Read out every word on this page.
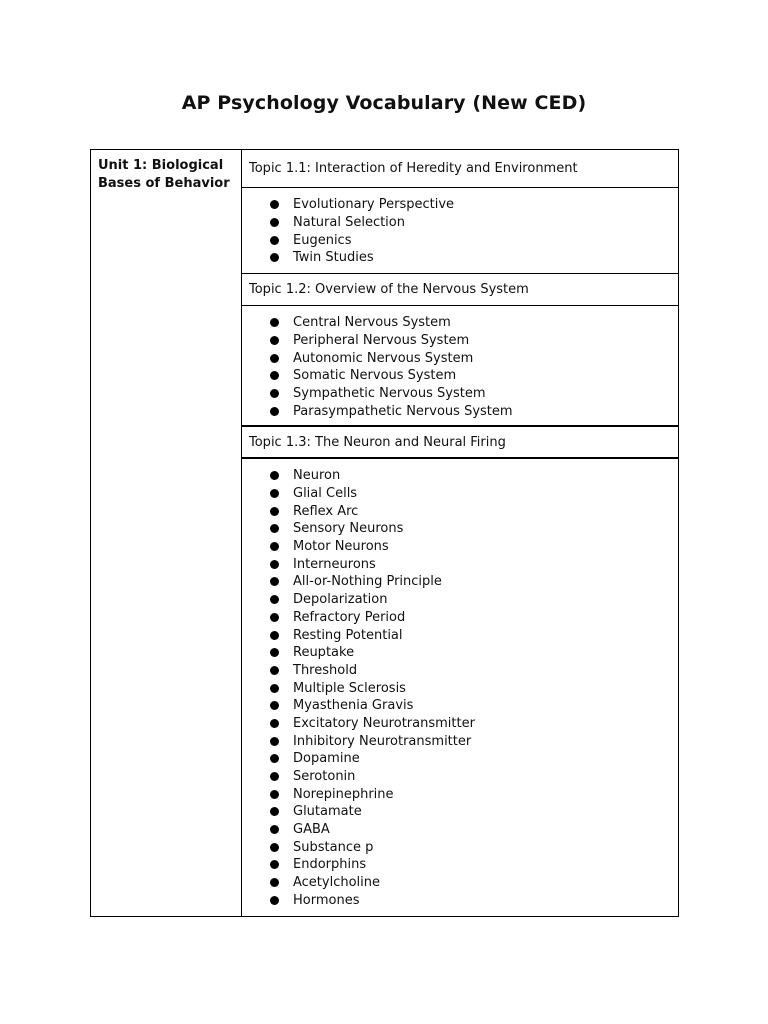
AP Psychology Vocabulary (New CED)
Unit 1: Biological
Bases of Behavior
Topic 1.1: Interaction of Heredity and Environment
Evolutionary Perspective
Natural Selection
Eugenics
Twin Studies
Topic 1.2: Overview of the Nervous System
Central Nervous System
Peripheral Nervous System
Autonomic Nervous System
Somatic Nervous System
Sympathetic Nervous System
Parasympathetic Nervous System
Topic 1.3: The Neuron and Neural Firing
Neuron
Glial Cells
Reflex Arc
Sensory Neurons
Motor Neurons
Interneurons
All-or-Nothing Principle
Depolarization
Refractory Period
Resting Potential
Reuptake
Threshold
Multiple Sclerosis
Myasthenia Gravis
Excitatory Neurotransmitter
Inhibitory Neurotransmitter
Dopamine
Serotonin
Norepinephrine
Glutamate
GABA
Substance p
Endorphins
Acetylcholine
Hormones
